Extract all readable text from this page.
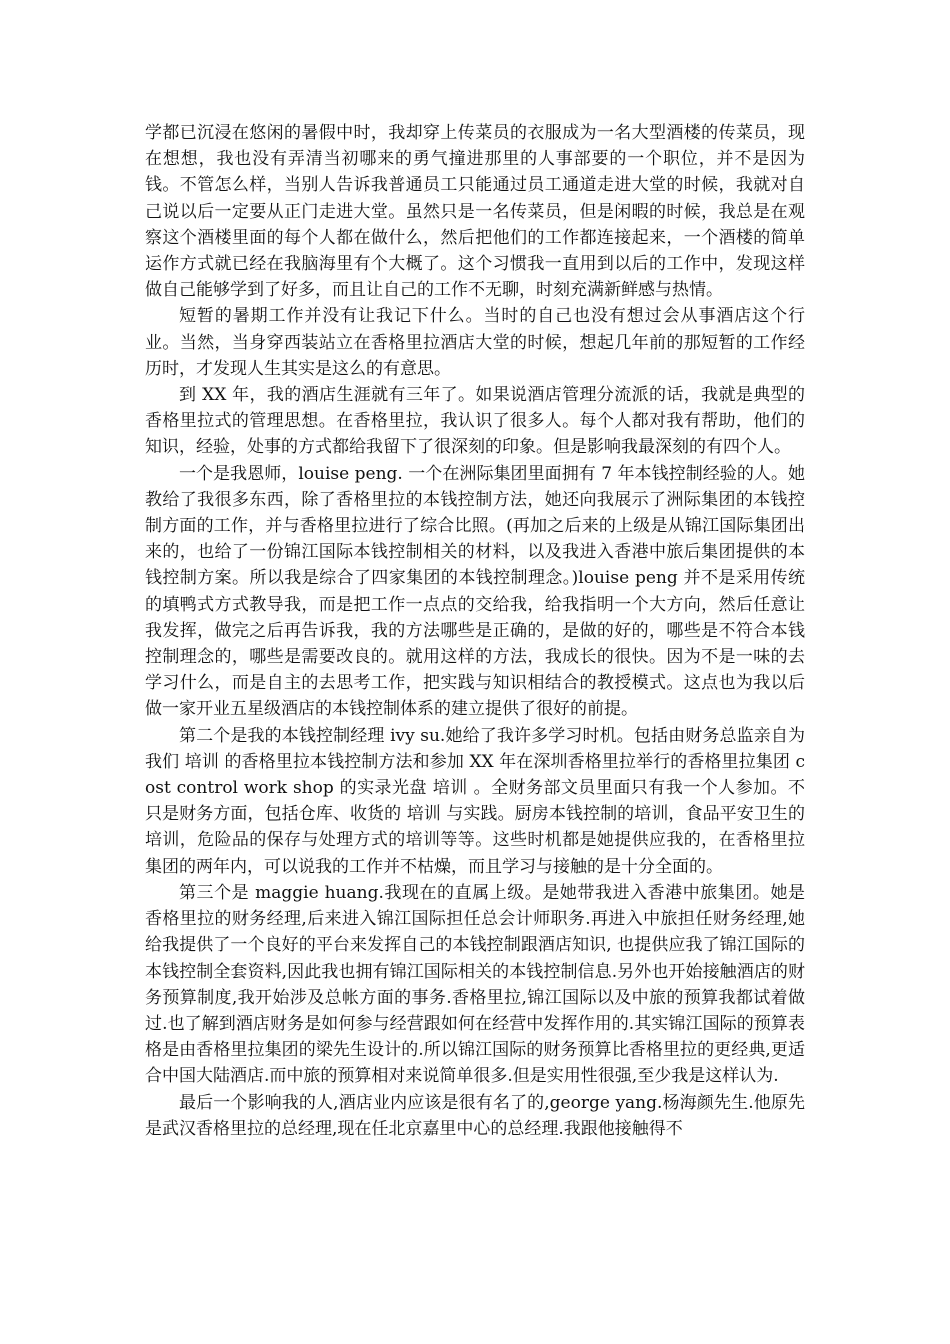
学都已沉浸在悠闲的暑假中时，我却穿上传菜员的衣服成为一名大型酒楼的传菜员，现在想想，我也没有弄清当初哪来的勇气撞进那里的人事部要的一个职位，并不是因为钱。不管怎么样，当别人告诉我普通员工只能通过员工通道走进大堂的时候，我就对自己说以后一定要从正门走进大堂。虽然只是一名传菜员，但是闲暇的时候，我总是在观察这个酒楼里面的每个人都在做什么，然后把他们的工作都连接起来，一个酒楼的简单运作方式就已经在我脑海里有个大概了。这个习惯我一直用到以后的工作中，发现这样做自己能够学到了好多，而且让自己的工作不无聊，时刻充满新鲜感与热情。

短暂的暑期工作并没有让我记下什么。当时的自己也没有想过会从事酒店这个行业。当然，当身穿西装站立在香格里拉酒店大堂的时候，想起几年前的那短暂的工作经历时，才发现人生其实是这么的有意思。

到 XX 年，我的酒店生涯就有三年了。如果说酒店管理分流派的话，我就是典型的香格里拉式的管理思想。在香格里拉，我认识了很多人。每个人都对我有帮助，他们的知识，经验，处事的方式都给我留下了很深刻的印象。但是影响我最深刻的有四个人。

一个是我恩师，louise peng. 一个在洲际集团里面拥有 7 年本钱控制经验的人。她教给了我很多东西，除了香格里拉的本钱控制方法，她还向我展示了洲际集团的本钱控制方面的工作，并与香格里拉进行了综合比照。(再加之后来的上级是从锦江国际集团出来的，也给了一份锦江国际本钱控制相关的材料，以及我进入香港中旅后集团提供的本钱控制方案。所以我是综合了四家集团的本钱控制理念。)louise peng 并不是采用传统的填鸭式方式教导我，而是把工作一点点的交给我，给我指明一个大方向，然后任意让我发挥，做完之后再告诉我，我的方法哪些是正确的，是做的好的，哪些是不符合本钱控制理念的，哪些是需要改良的。就用这样的方法，我成长的很快。因为不是一味的去学习什么，而是自主的去思考工作，把实践与知识相结合的教授模式。这点也为我以后做一家开业五星级酒店的本钱控制体系的建立提供了很好的前提。

第二个是我的本钱控制经理 ivy su.她给了我许多学习时机。包括由财务总监亲自为我们 培训 的香格里拉本钱控制方法和参加 XX 年在深圳香格里拉举行的香格里拉集团 cost control work shop 的实录光盘 培训 。全财务部文员里面只有我一个人参加。不只是财务方面，包括仓库、收货的 培训 与实践。厨房本钱控制的培训，食品平安卫生的培训，危险品的保存与处理方式的培训等等。这些时机都是她提供应我的，在香格里拉集团的两年内，可以说我的工作并不枯燥，而且学习与接触的是十分全面的。

第三个是 maggie huang.我现在的直属上级。是她带我进入香港中旅集团。她是香格里拉的财务经理,后来进入锦江国际担任总会计师职务.再进入中旅担任财务经理,她给我提供了一个良好的平台来发挥自己的本钱控制跟酒店知识, 也提供应我了锦江国际的本钱控制全套资料,因此我也拥有锦江国际相关的本钱控制信息.另外也开始接触酒店的财务预算制度,我开始涉及总帐方面的事务.香格里拉,锦江国际以及中旅的预算我都试着做过.也了解到酒店财务是如何参与经营跟如何在经营中发挥作用的.其实锦江国际的预算表格是由香格里拉集团的梁先生设计的.所以锦江国际的财务预算比香格里拉的更经典,更适合中国大陆酒店.而中旅的预算相对来说简单很多.但是实用性很强,至少我是这样认为.

最后一个影响我的人,酒店业内应该是很有名了的,george yang.杨海颜先生.他原先是武汉香格里拉的总经理,现在任北京嘉里中心的总经理.我跟他接触得不
